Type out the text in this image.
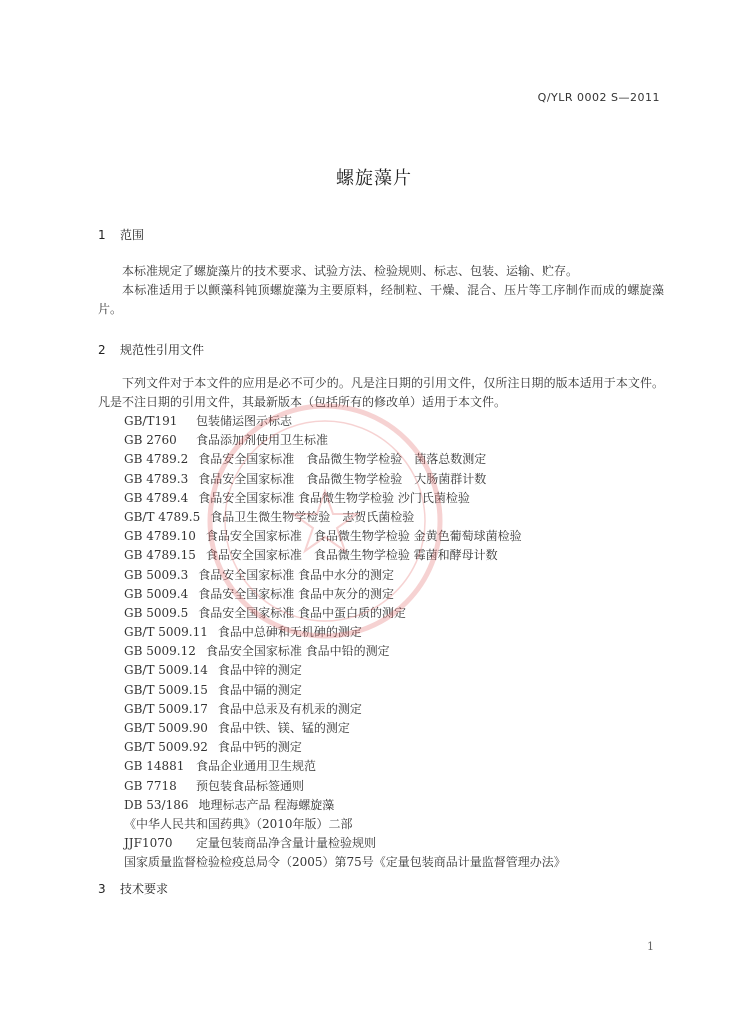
Q/YLR 0002 S—2011
螺旋藻片
1 范围

本标准规定了螺旋藻片的技术要求、试验方法、检验规则、标志、包装、运输、贮存。

本标准适用于以颤藻科钝顶螺旋藻为主要原料，经制粒、干燥、混合、压片等工序制作而成的螺旋藻片。

2 规范性引用文件

下列文件对于本文件的应用是必不可少的。凡是注日期的引用文件，仅所注日期的版本适用于本文件。凡是不注日期的引用文件，其最新版本（包括所有的修改单）适用于本文件。

GB/T191 包装储运图示标志
GB 2760 食品添加剂使用卫生标准
GB 4789.2 食品安全国家标准　食品微生物学检验　菌落总数测定
GB 4789.3 食品安全国家标准　食品微生物学检验　大肠菌群计数
GB 4789.4 食品安全国家标准 食品微生物学检验 沙门氏菌检验
GB/T 4789.5 食品卫生微生物学检验　志贺氏菌检验
GB 4789.10 食品安全国家标准　食品微生物学检验 金黄色葡萄球菌检验
GB 4789.15 食品安全国家标准　食品微生物学检验 霉菌和酵母计数
GB 5009.3 食品安全国家标准 食品中水分的测定
GB 5009.4 食品安全国家标准 食品中灰分的测定
GB 5009.5 食品安全国家标准 食品中蛋白质的测定
GB/T 5009.11 食品中总砷和无机砷的测定
GB 5009.12 食品安全国家标准 食品中铅的测定
GB/T 5009.14 食品中锌的测定
GB/T 5009.15 食品中镉的测定
GB/T 5009.17 食品中总汞及有机汞的测定
GB/T 5009.90 食品中铁、镁、锰的测定
GB/T 5009.92 食品中钙的测定
GB 14881 食品企业通用卫生规范
GB 7718 预包装食品标签通则
DB 53/186 地理标志产品 程海螺旋藻
《中华人民共和国药典》（2010年版）二部
JJF1070 定量包装商品净含量计量检验规则
国家质量监督检验检疫总局令（2005）第75号《定量包装商品计量监督管理办法》
3 技术要求
1
